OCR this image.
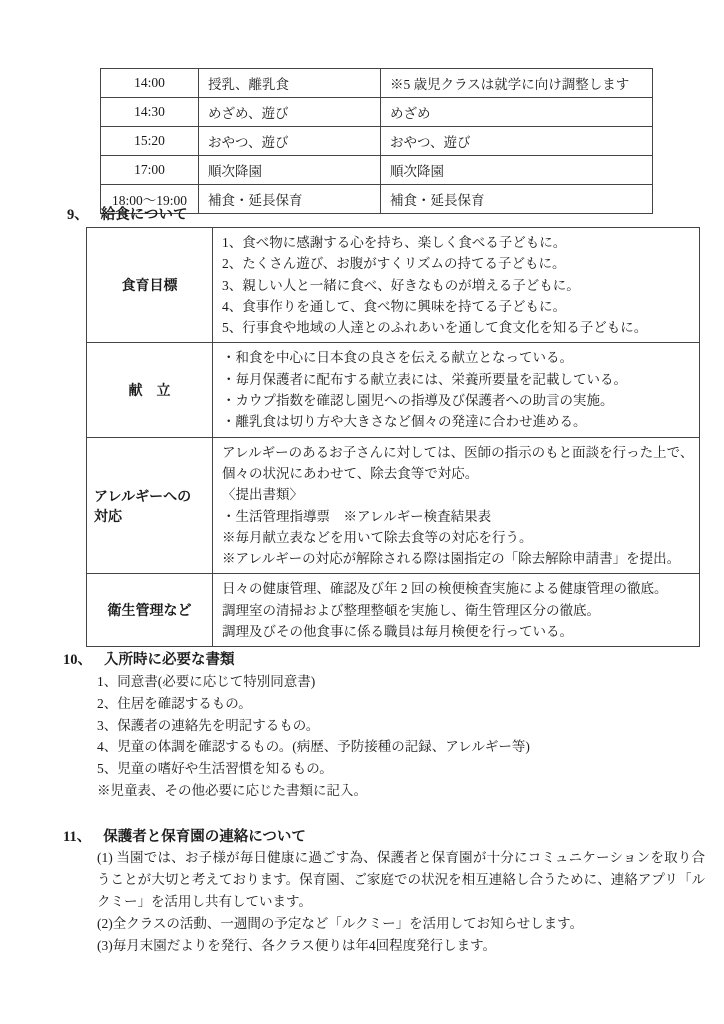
14:00	授乳、離乳食	※5 歳児クラスは就学に向け調整します
14:30	めざめ、遊び	めざめ
15:20	おやつ、遊び	おやつ、遊び
17:00	順次降園	順次降園
18:00～19:00	補食・延長保育	補食・延長保育
9、 給食について
食育目標	1、食べ物に感謝する心を持ち、楽しく食べる子どもに。
2、たくさん遊び、お腹がすくリズムの持てる子どもに。
3、親しい人と一緒に食べ、好きなものが増える子どもに。
4、食事作りを通して、食べ物に興味を持てる子どもに。
5、行事食や地域の人達とのふれあいを通して食文化を知る子どもに。

献　立	・和食を中心に日本食の良さを伝える献立となっている。
・毎月保護者に配布する献立表には、栄養所要量を記載している。
・カウプ指数を確認し園児への指導及び保護者への助言の実施。
・離乳食は切り方や大きさなど個々の発達に合わせ進める。

アレルギーへの対応	
アレルギーのあるお子さんに対しては、医師の指示のもと面談を行った上で、
個々の状況にあわせて、除去食等で対応。
〈提出書類〉
・生活管理指導票　※アレルギー検査結果表
※毎月献立表などを用いて除去食等の対応を行う。
※アレルギーの対応が解除される際は園指定の「除去解除申請書」を提出。

衛生管理など	日々の健康管理、確認及び年 2 回の検便検査実施による健康管理の徹底。
調理室の清掃および整理整頓を実施し、衛生管理区分の徹底。
調理及びその他食事に係る職員は毎月検便を行っている。
10、 入所時に必要な書類
1、同意書(必要に応じて特別同意書)
2、住居を確認するもの。
3、保護者の連絡先を明記するもの。
4、児童の体調を確認するもの。(病歴、予防接種の記録、アレルギー等)
5、児童の嗜好や生活習慣を知るもの。
※児童表、その他必要に応じた書類に記入。
11、 保護者と保育園の連絡について
(1) 当園では、お子様が毎日健康に過ごす為、保護者と保育園が十分にコミュニケーションを取り合うことが大切と考えております。保育園、ご家庭での状況を相互連絡し合うために、連絡アプリ「ルクミー」を活用し共有しています。
(2)全クラスの活動、一週間の予定など「ルクミー」を活用してお知らせします。
(3)毎月末園だよりを発行、各クラス便りは年4回程度発行します。
